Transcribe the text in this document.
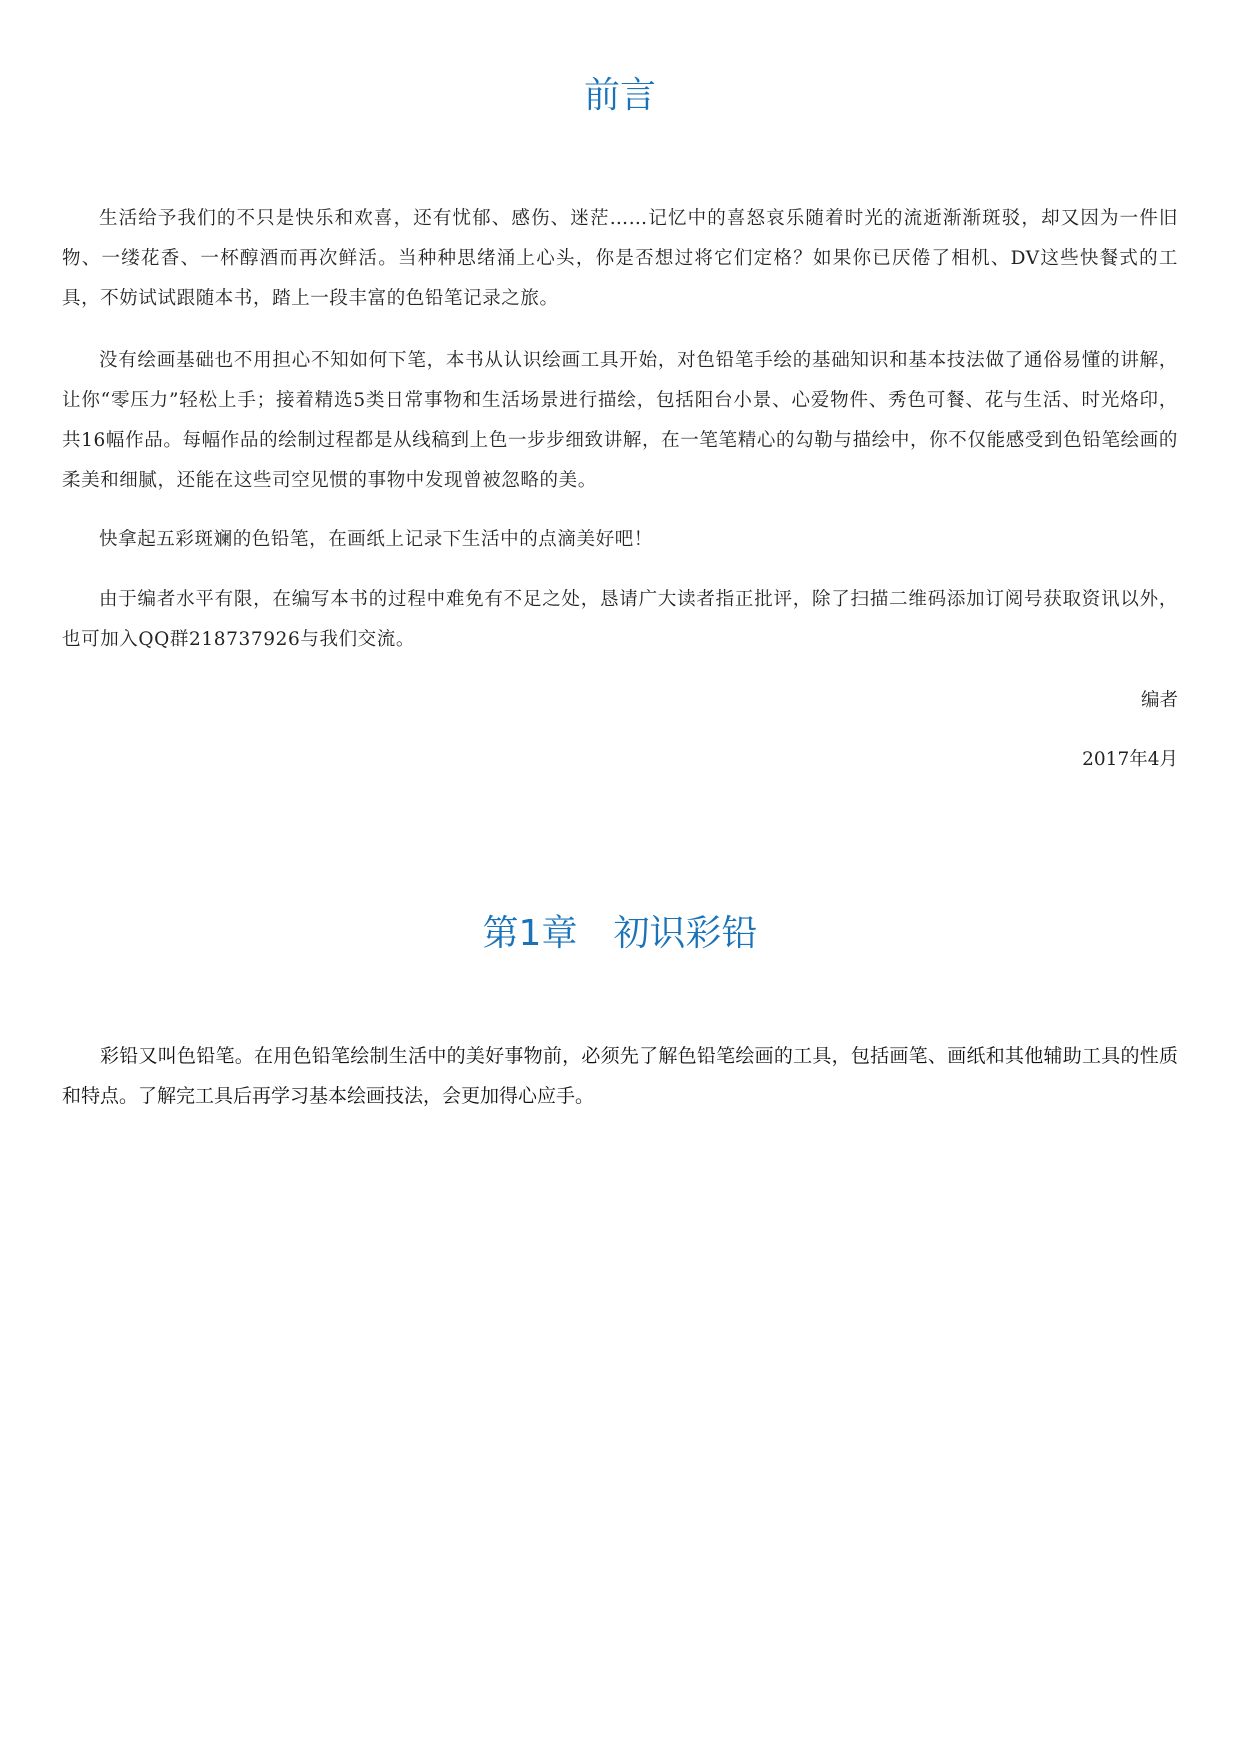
前言

生活给予我们的不只是快乐和欢喜，还有忧郁、感伤、迷茫……记忆中的喜怒哀乐随着时光的流逝渐渐斑驳，却又因为一件旧物、一缕花香、一杯醇酒而再次鲜活。当种种思绪涌上心头，你是否想过将它们定格？如果你已厌倦了相机、DV这些快餐式的工具，不妨试试跟随本书，踏上一段丰富的色铅笔记录之旅。

没有绘画基础也不用担心不知如何下笔，本书从认识绘画工具开始，对色铅笔手绘的基础知识和基本技法做了通俗易懂的讲解，让你“零压力”轻松上手；接着精选5类日常事物和生活场景进行描绘，包括阳台小景、心爱物件、秀色可餐、花与生活、时光烙印，共16幅作品。每幅作品的绘制过程都是从线稿到上色一步步细致讲解，在一笔笔精心的勾勒与描绘中，你不仅能感受到色铅笔绘画的柔美和细腻，还能在这些司空见惯的事物中发现曾被忽略的美。

快拿起五彩斑斓的色铅笔，在画纸上记录下生活中的点滴美好吧！

由于编者水平有限，在编写本书的过程中难免有不足之处，恳请广大读者指正批评，除了扫描二维码添加订阅号获取资讯以外，也可加入QQ群218737926与我们交流。

编者
2017年4月
第1章　初识彩铅

彩铅又叫色铅笔。在用色铅笔绘制生活中的美好事物前，必须先了解色铅笔绘画的工具，包括画笔、画纸和其他辅助工具的性质和特点。了解完工具后再学习基本绘画技法，会更加得心应手。
